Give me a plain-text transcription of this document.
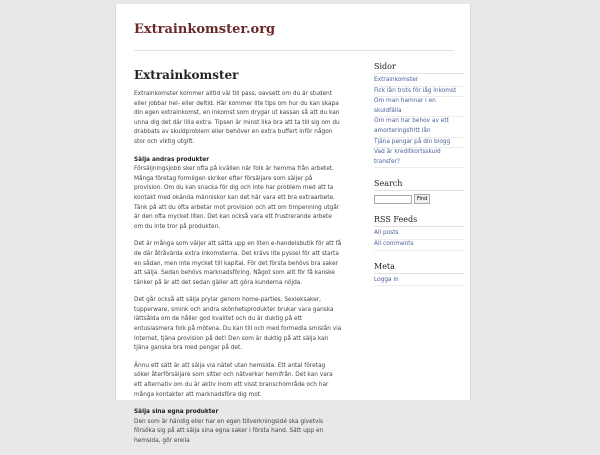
Extrainkomster.org
Extrainkomster

Extrainkomster kommer alltid väl till pass, oavsett om du är student eller jobbar hel- eller deltid. Här kommer lite tips om hur du kan skapa din egen extrainkomst, en inkomst som drygar ut kassan så att du kan unna dig det där lilla extra. Tipsen är minst lika bra att ta till sig om du drabbats av skuldproblem eller behöver en extra buffert inför någon stor och viktig utgift.

Sälja andras produkter

Försäljningsjobb sker ofta på kvällen när folk är hemma från arbetet. Många företag formligen skriker efter försäljare som säljer på provision. Om du kan snacka för dig och inte har problem med att ta kontakt med okända människor kan det här vara ett bra extraarbete. Tänk på att du ofta arbetar mot provision och att om timpenning utgår är den ofta mycket liten. Det kan också vara ett frustrerande arbete om du inte tror på produkten.

Det är många som väljer att sätta upp en liten e-handelsbutik för att få de där åtråvärda extra inkomsterna. Det krävs lite pyssel för att starta en sådan, men inte mycket till kapital. För det första behövs bra saker att sälja. Sedan behövs marknadsföring. Något som allt för få kanske tänker på är att det sedan gäller att göra kunderna nöjda.

Det går också att sälja prylar genom home-parties. Sexleksaker, tupperware, smink och andra skönhetsprodukter brukar vara ganska lättsålda om de håller god kvalitet och du är duktig på ett entusiasmera folk på mötena. Du kan till och med formedla smislån via Internet, tjäna provision på det! Den som är duktig på att sälja kan tjäna ganska bra med pengar på det.

Ännu ett sätt är att sälja via nätet utan hemsida. Ett antal företag söker återförsäljare som sitter och nätverkar hemifrån. Det kan vara ett alternativ om du är aktiv inom ett visst branschområde och har många kontakter att marknadsföra dig mot.

Sälja sina egna produkter

Den som är händig eller har en egen tillverkningsidé ska givetvis försöka sig på att sälja sina egna saker i första hand. Sätt upp en hemsida, gör enkla

Sidor
Extrainkomster
Fick lån trots för låg inkomst
Om man hamnar i en skuldfälla
Om man har behov av ett amorteringsfritt lån
Tjäna pengar på din blogg
Vad är kreditkortsskuld transfer?
Search
Find
RSS Feeds
All posts
All comments
Meta
Logga in
